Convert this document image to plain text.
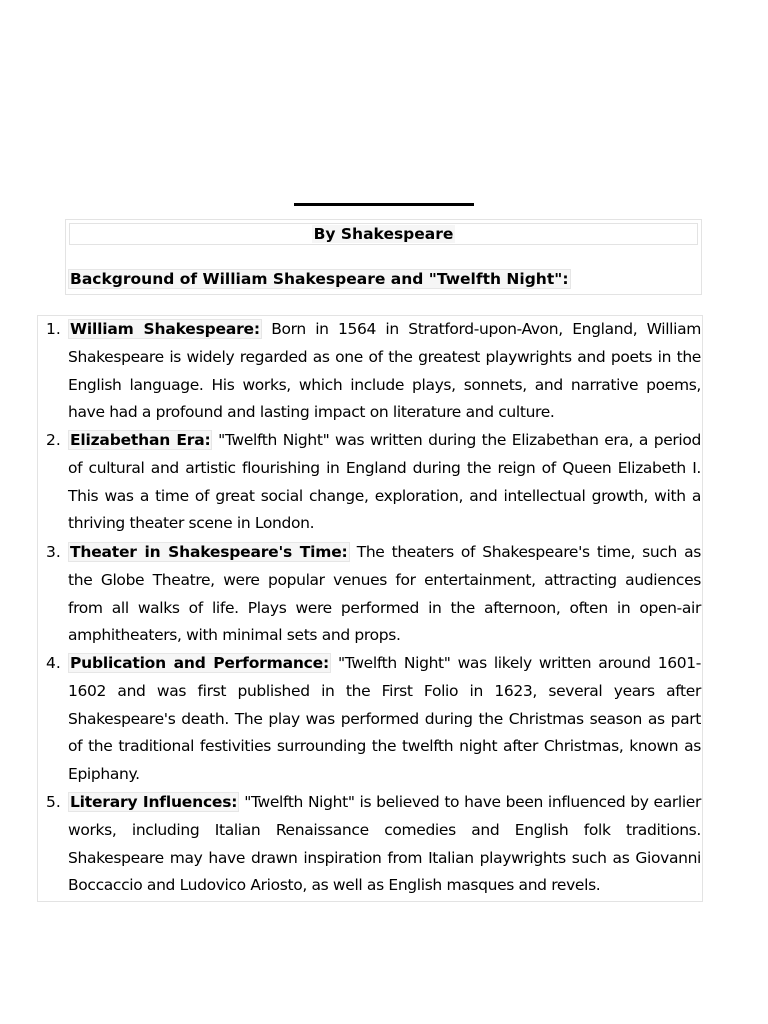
By Shakespeare
Background of William Shakespeare and "Twelfth Night":
1. William Shakespeare: Born in 1564 in Stratford-upon-Avon, England, William Shakespeare is widely regarded as one of the greatest playwrights and poets in the English language. His works, which include plays, sonnets, and narrative poems, have had a profound and lasting impact on literature and culture.
2. Elizabethan Era: "Twelfth Night" was written during the Elizabethan era, a period of cultural and artistic flourishing in England during the reign of Queen Elizabeth I. This was a time of great social change, exploration, and intellectual growth, with a thriving theater scene in London.
3. Theater in Shakespeare's Time: The theaters of Shakespeare's time, such as the Globe Theatre, were popular venues for entertainment, attracting audiences from all walks of life. Plays were performed in the afternoon, often in open-air amphitheaters, with minimal sets and props.
4. Publication and Performance: "Twelfth Night" was likely written around 1601-1602 and was first published in the First Folio in 1623, several years after Shakespeare's death. The play was performed during the Christmas season as part of the traditional festivities surrounding the twelfth night after Christmas, known as Epiphany.
5. Literary Influences: "Twelfth Night" is believed to have been influenced by earlier works, including Italian Renaissance comedies and English folk traditions. Shakespeare may have drawn inspiration from Italian playwrights such as Giovanni Boccaccio and Ludovico Ariosto, as well as English masques and revels.
